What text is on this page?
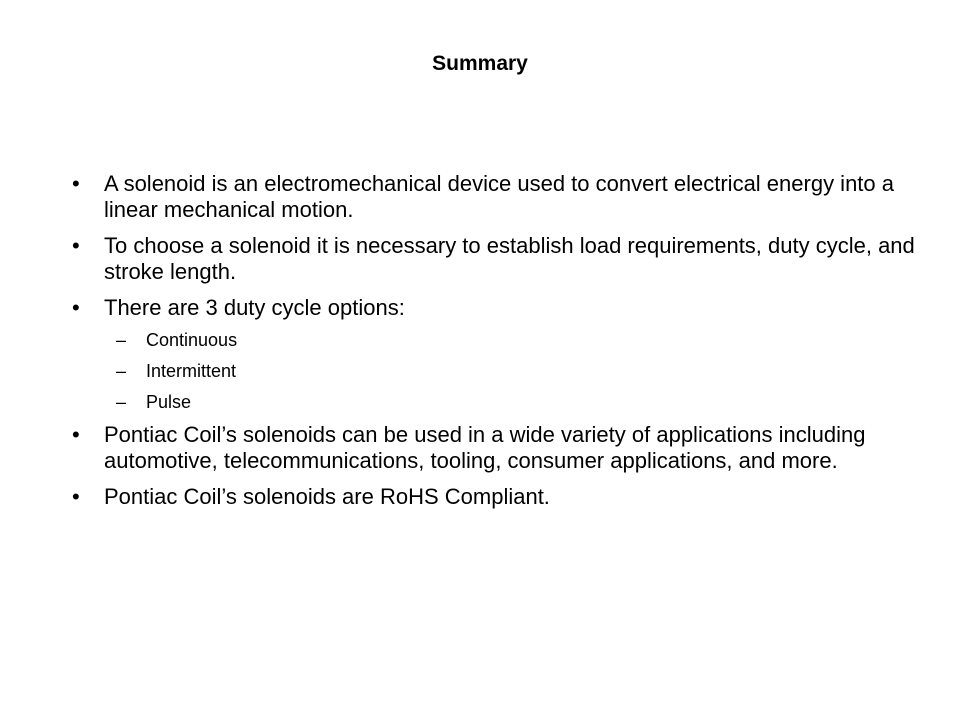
Summary
• A solenoid is an electromechanical device used to convert electrical energy into a linear mechanical motion.
• To choose a solenoid it is necessary to establish load requirements, duty cycle, and stroke length.
• There are 3 duty cycle options:
– Continuous
– Intermittent
– Pulse
• Pontiac Coil’s solenoids can be used in a wide variety of applications including automotive, telecommunications, tooling, consumer applications, and more.
• Pontiac Coil’s solenoids are RoHS Compliant.
